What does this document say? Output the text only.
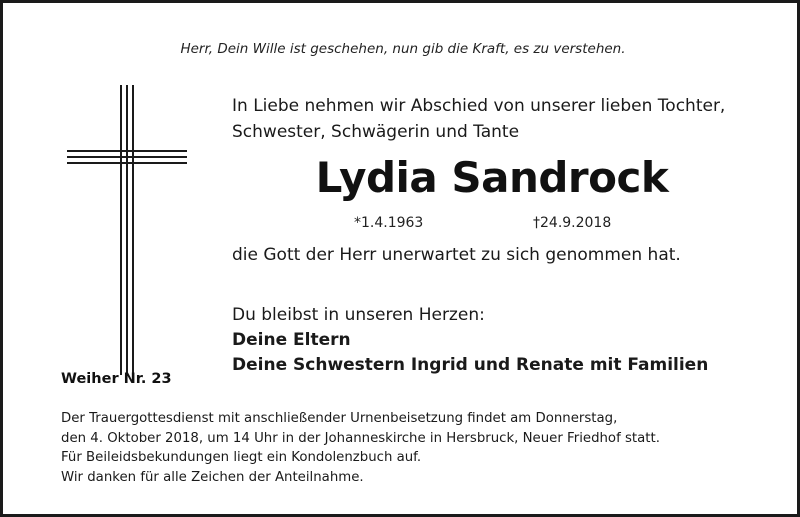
Herr, Dein Wille ist geschehen, nun gib die Kraft, es zu verstehen.
In Liebe nehmen wir Abschied von unserer lieben Tochter,
Schwester, Schwägerin und Tante
Lydia Sandrock
*1.4.1963	†24.9.2018
die Gott der Herr unerwartet zu sich genommen hat.
Du bleibst in unseren Herzen:
Deine Eltern
Deine Schwestern Ingrid und Renate mit Familien
Weiher Nr. 23
Der Trauergottesdienst mit anschließender Urnenbeisetzung findet am Donnerstag,
den 4. Oktober 2018, um 14 Uhr in der Johanneskirche in Hersbruck, Neuer Friedhof statt.
Für Beileidsbekundungen liegt ein Kondolenzbuch auf.
Wir danken für alle Zeichen der Anteilnahme.
